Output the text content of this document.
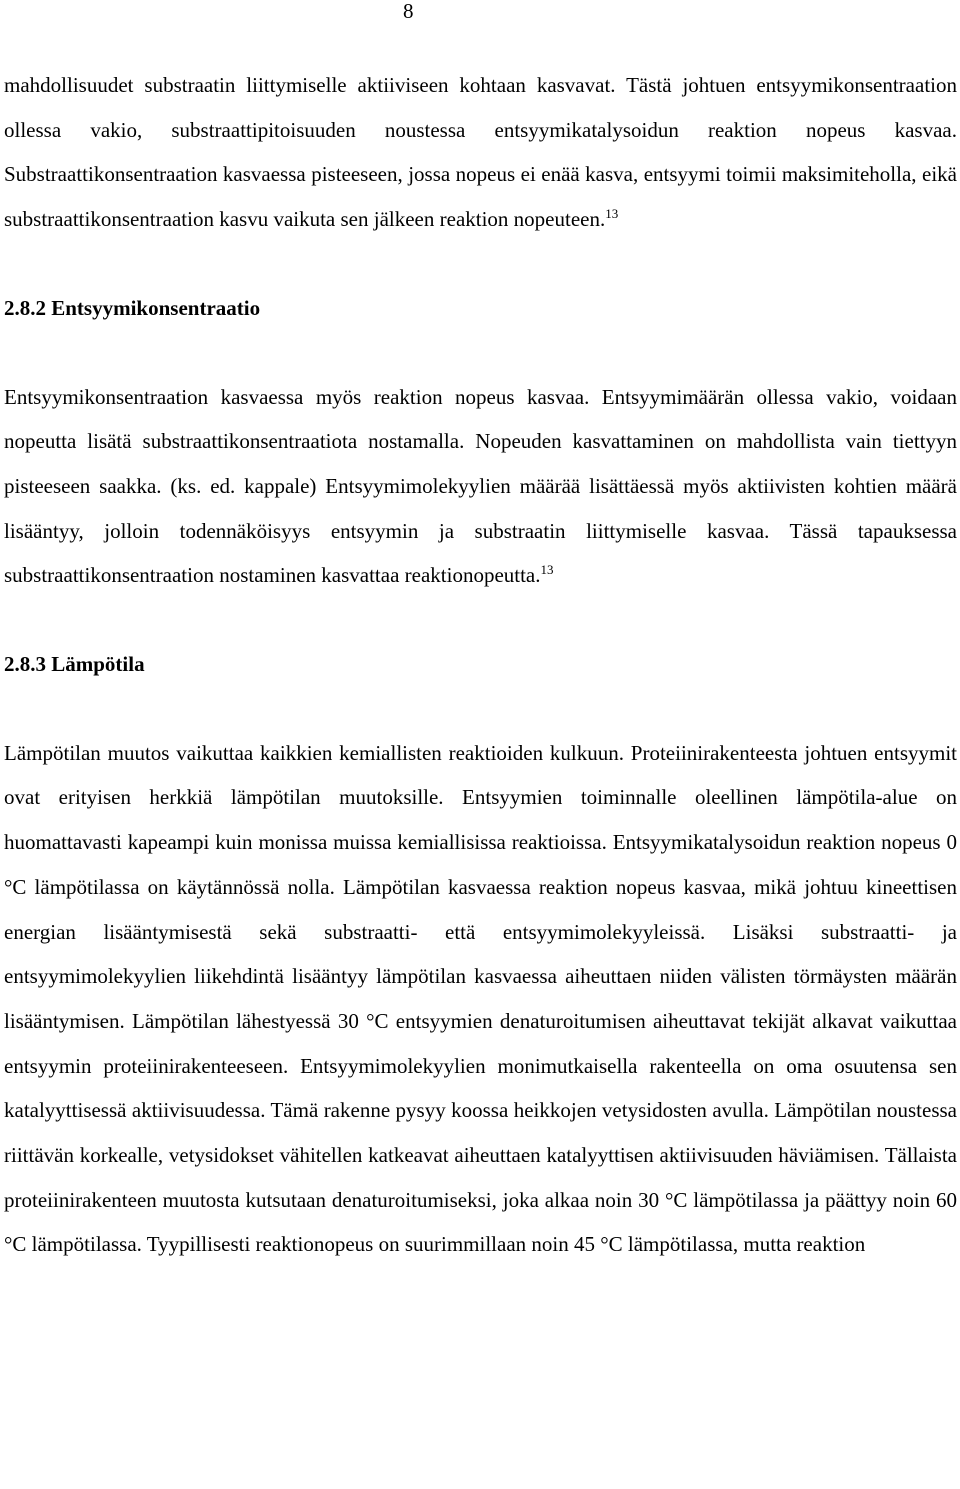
8

mahdollisuudet substraatin liittymiselle aktiiviseen kohtaan kasvavat. Tästä johtuen entsyymikonsentraation ollessa vakio, substraattipitoisuuden noustessa entsyymikatalysoidun reaktion nopeus kasvaa. Substraattikonsentraation kasvaessa pisteeseen, jossa nopeus ei enää kasva, entsyymi toimii maksimiteholla, eikä substraattikonsentraation kasvu vaikuta sen jälkeen reaktion nopeuteen.$^{13}$

2.8.2 Entsyymikonsentraatio

Entsyymikonsentraation kasvaessa myös reaktion nopeus kasvaa. Entsyymimäärän ollessa vakio, voidaan nopeutta lisätä substraattikonsentraatiota nostamalla. Nopeuden kasvattaminen on mahdollista vain tiettyyn pisteeseen saakka. (ks. ed. kappale) Entsyymimolekyylien määrää lisättäessä myös aktiivisten kohtien määrä lisääntyy, jolloin todennäköisyys entsyymin ja substraatin liittymiselle kasvaa. Tässä tapauksessa substraattikonsentraation nostaminen kasvattaa reaktionopeutta.$^{13}$

2.8.3 Lämpötila

Lämpötilan muutos vaikuttaa kaikkien kemiallisten reaktioiden kulkuun. Proteiinirakenteesta johtuen entsyymit ovat erityisen herkkiä lämpötilan muutoksille. Entsyymien toiminnalle oleellinen lämpötila-alue on huomattavasti kapeampi kuin monissa muissa kemiallisissa reaktioissa. Entsyymikatalysoidun reaktion nopeus 0 °C lämpötilassa on käytännössä nolla. Lämpötilan kasvaessa reaktion nopeus kasvaa, mikä johtuu kineettisen energian lisääntymisestä sekä substraatti- että entsyymimolekyyleissä. Lisäksi substraatti- ja entsyymimolekyylien liikehdintä lisääntyy lämpötilan kasvaessa aiheuttaen niiden välisten törmäysten määrän lisääntymisen. Lämpötilan lähestyessä 30 °C entsyymien denaturoitumisen aiheuttavat tekijät alkavat vaikuttaa entsyymin proteiinirakenteeseen. Entsyymimolekyylien monimutkaisella rakenteella on oma osuutensa sen katalyyttisessä aktiivisuudessa. Tämä rakenne pysyy koossa heikkojen vetysidosten avulla. Lämpötilan noustessa riittävän korkealle, vetysidokset vähitellen katkeavat aiheuttaen katalyyttisen aktiivisuuden häviämisen. Tällaista proteiinirakenteen muutosta kutsutaan denaturoitumiseksi, joka alkaa noin 30 °C lämpötilassa ja päättyy noin 60 °C lämpötilassa. Tyypillisesti reaktionopeus on suurimmillaan noin 45 °C lämpötilassa, mutta reaktion
